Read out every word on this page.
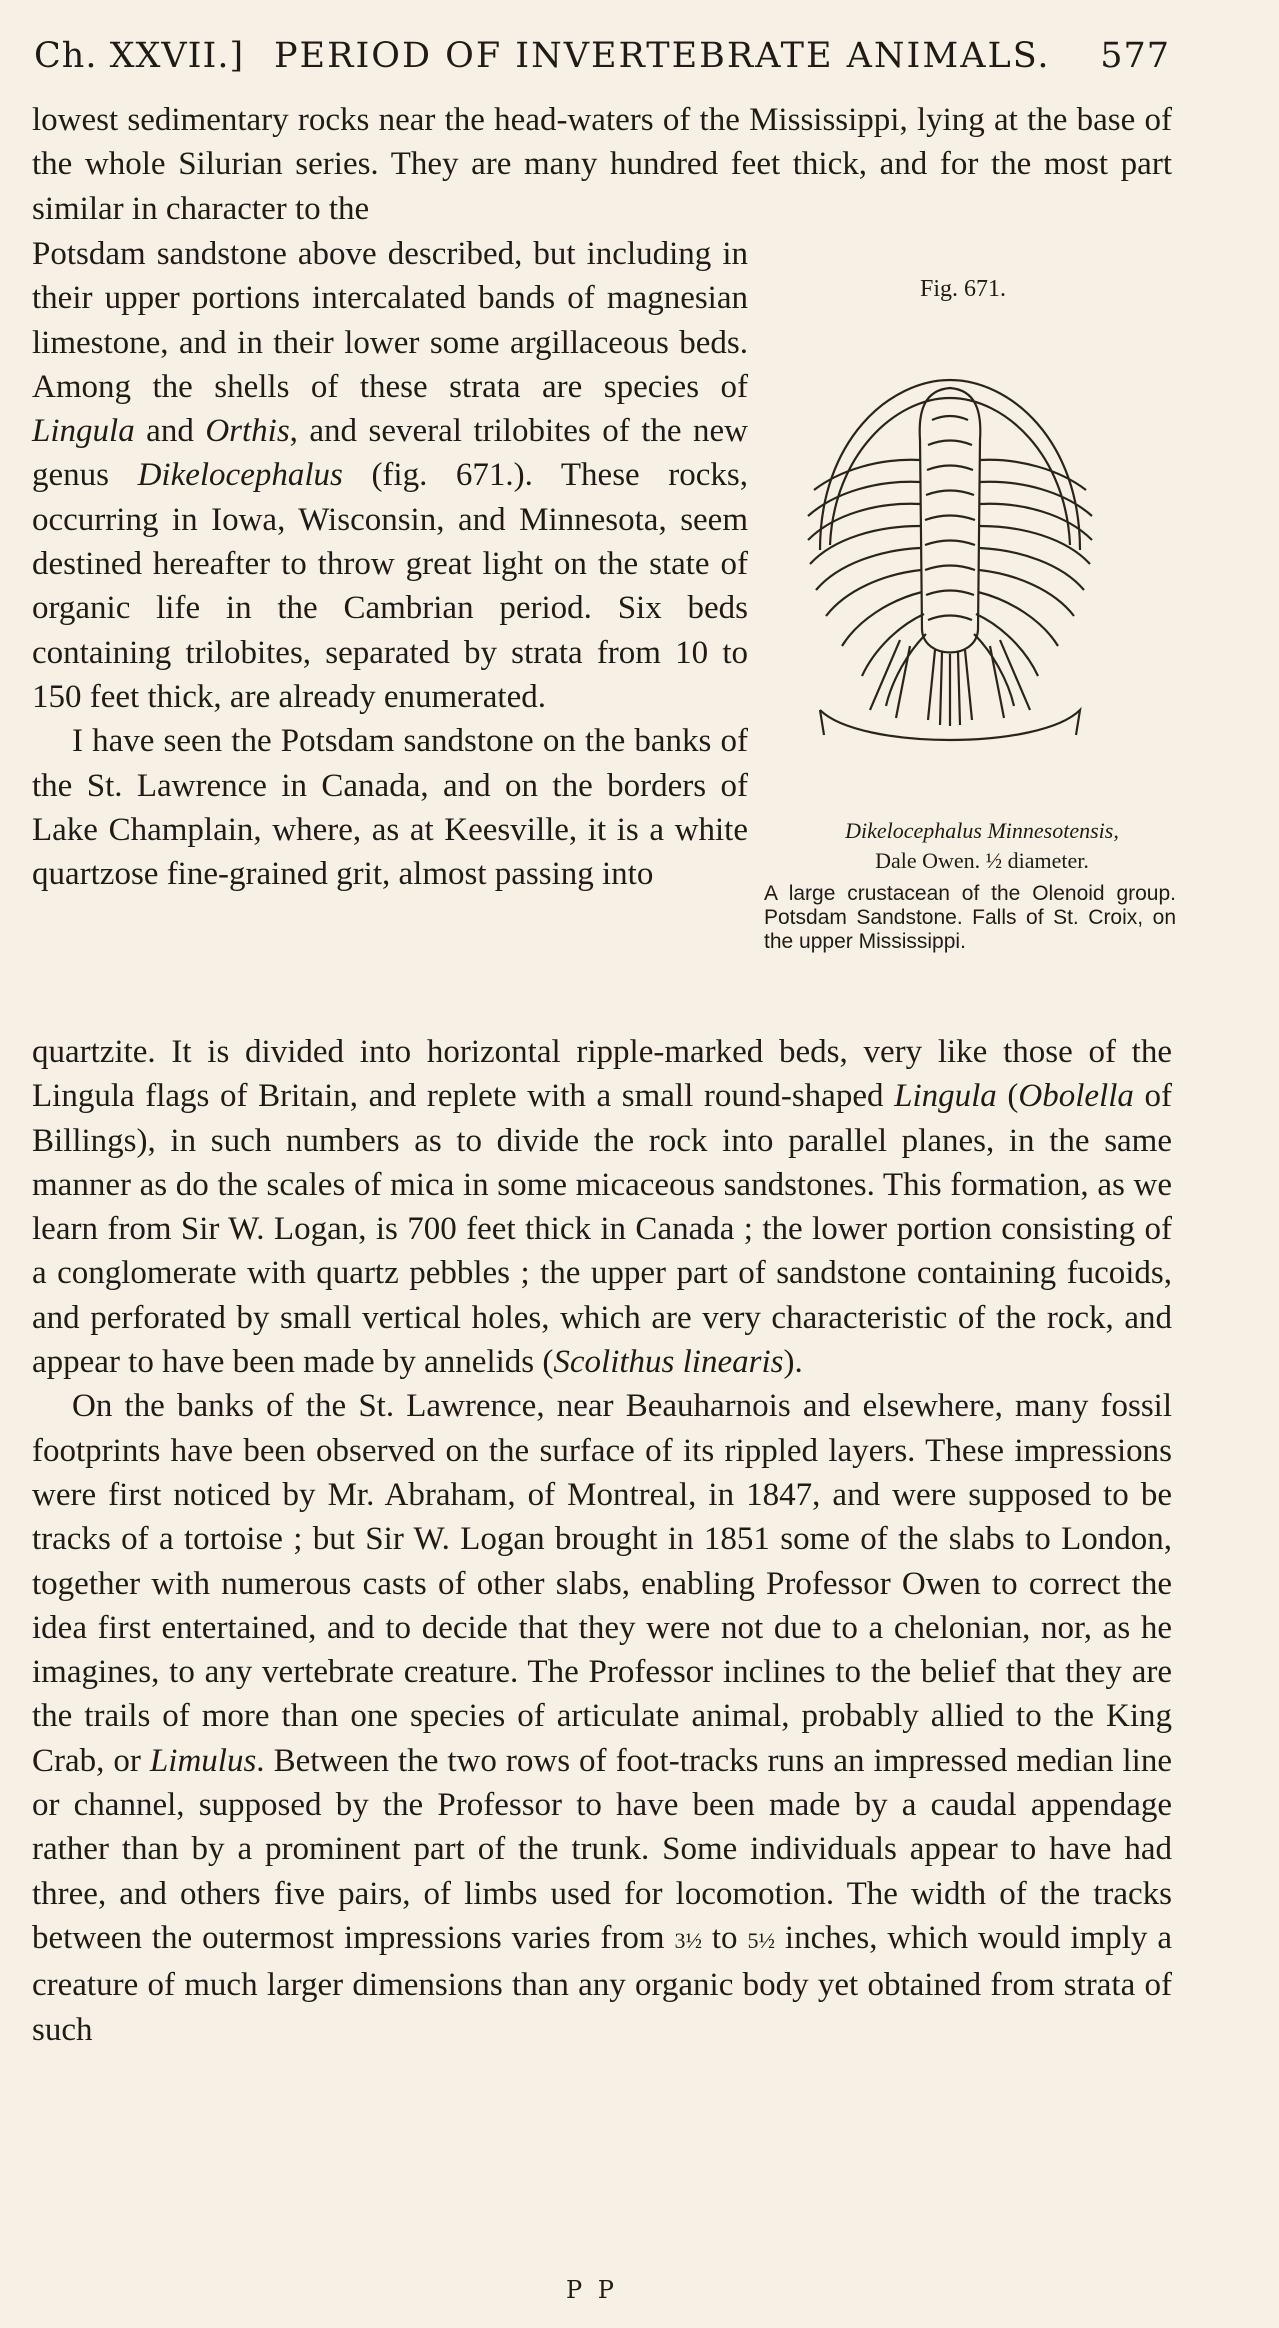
Ch. XXVII.] PERIOD OF INVERTEBRATE ANIMALS. 577

lowest sedimentary rocks near the head-waters of the Mississippi, lying at the base of the whole Silurian series. They are many hundred feet thick, and for the most part similar in character to the

Potsdam sandstone above described, but including in their upper portions intercalated bands of magnesian limestone, and in their lower some argillaceous beds. Among the shells of these strata are species of Lingula and Orthis, and several trilobites of the new genus Dikelocephalus (fig. 671.). These rocks, occurring in Iowa, Wisconsin, and Minnesota, seem destined hereafter to throw great light on the state of organic life in the Cambrian period. Six beds containing trilobites, separated by strata from 10 to 150 feet thick, are already enumerated.

I have seen the Potsdam sandstone on the banks of the St. Lawrence in Canada, and on the borders of Lake Champlain, where, as at Keesville, it is a white quartzose fine-grained grit, almost passing into

Fig. 671.
Dikelocephalus Minnesotensis,
Dale Owen. ½ diameter.
A large crustacean of the Olenoid group. Potsdam Sandstone. Falls of St. Croix, on the upper Mississippi.

quartzite. It is divided into horizontal ripple-marked beds, very like those of the Lingula flags of Britain, and replete with a small round-shaped Lingula (Obolella of Billings), in such numbers as to divide the rock into parallel planes, in the same manner as do the scales of mica in some micaceous sandstones. This formation, as we learn from Sir W. Logan, is 700 feet thick in Canada ; the lower portion consisting of a conglomerate with quartz pebbles ; the upper part of sandstone containing fucoids, and perforated by small vertical holes, which are very characteristic of the rock, and appear to have been made by annelids (Scolithus linearis).

On the banks of the St. Lawrence, near Beauharnois and elsewhere, many fossil footprints have been observed on the surface of its rippled layers. These impressions were first noticed by Mr. Abraham, of Montreal, in 1847, and were supposed to be tracks of a tortoise ; but Sir W. Logan brought in 1851 some of the slabs to London, together with numerous casts of other slabs, enabling Professor Owen to correct the idea first entertained, and to decide that they were not due to a chelonian, nor, as he imagines, to any vertebrate creature. The Professor inclines to the belief that they are the trails of more than one species of articulate animal, probably allied to the King Crab, or Limulus. Between the two rows of foot-tracks runs an impressed median line or channel, supposed by the Professor to have been made by a caudal appendage rather than by a prominent part of the trunk. Some individuals appear to have had three, and others five pairs, of limbs used for locomotion. The width of the tracks between the outermost impressions varies from 3½ to 5½ inches, which would imply a creature of much larger dimensions than any organic body yet obtained from strata of such

P P
